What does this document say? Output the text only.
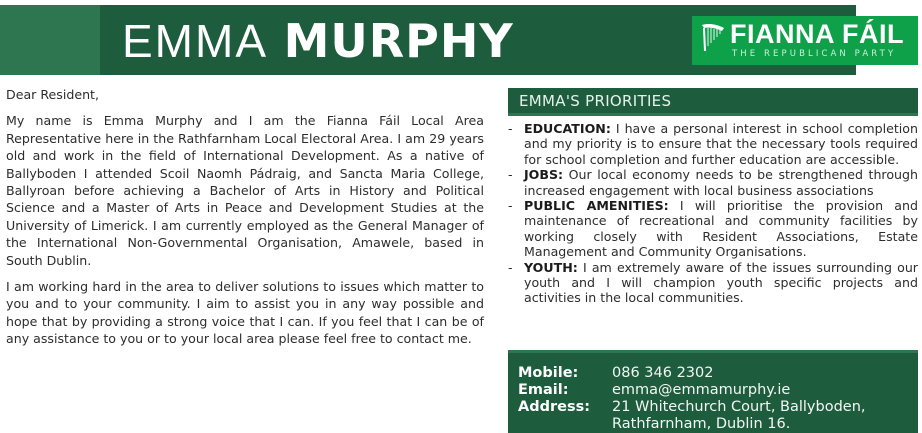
EMMA MURPHY	FIANNA FÁIL
THE REPUBLICAN PARTY

Dear Resident,

My name is Emma Murphy and I am the Fianna Fáil Local Area Representative here in the Rathfarnham Local Electoral Area. I am 29 years old and work in the field of International Development. As a native of Ballyboden I attended Scoil Naomh Pádraig, and Sancta Maria College, Ballyroan before achieving a Bachelor of Arts in History and Political Science and a Master of Arts in Peace and Development Studies at the University of Limerick. I am currently employed as the General Manager of the International Non-Governmental Organisation, Amawele, based in South Dublin.

I am working hard in the area to deliver solutions to issues which matter to you and to your community. I aim to assist you in any way possible and hope that by providing a strong voice that I can. If you feel that I can be of any assistance to you or to your local area please feel free to contact me.

EMMA'S PRIORITIES
- EDUCATION: I have a personal interest in school completion and my priority is to ensure that the necessary tools required for school completion and further education are accessible.
- JOBS: Our local economy needs to be strengthened through increased engagement with local business associations
- PUBLIC AMENITIES: I will prioritise the provision and maintenance of recreational and community facilities by working closely with Resident Associations, Estate Management and Community Organisations.
- YOUTH: I am extremely aware of the issues surrounding our youth and I will champion youth specific projects and activities in the local communities.
Mobile: 086 346 2302
Email:	emma@emmamurphy.ie
Address: 21 Whitechurch Court, Ballyboden,
Rathfarnham, Dublin 16.
